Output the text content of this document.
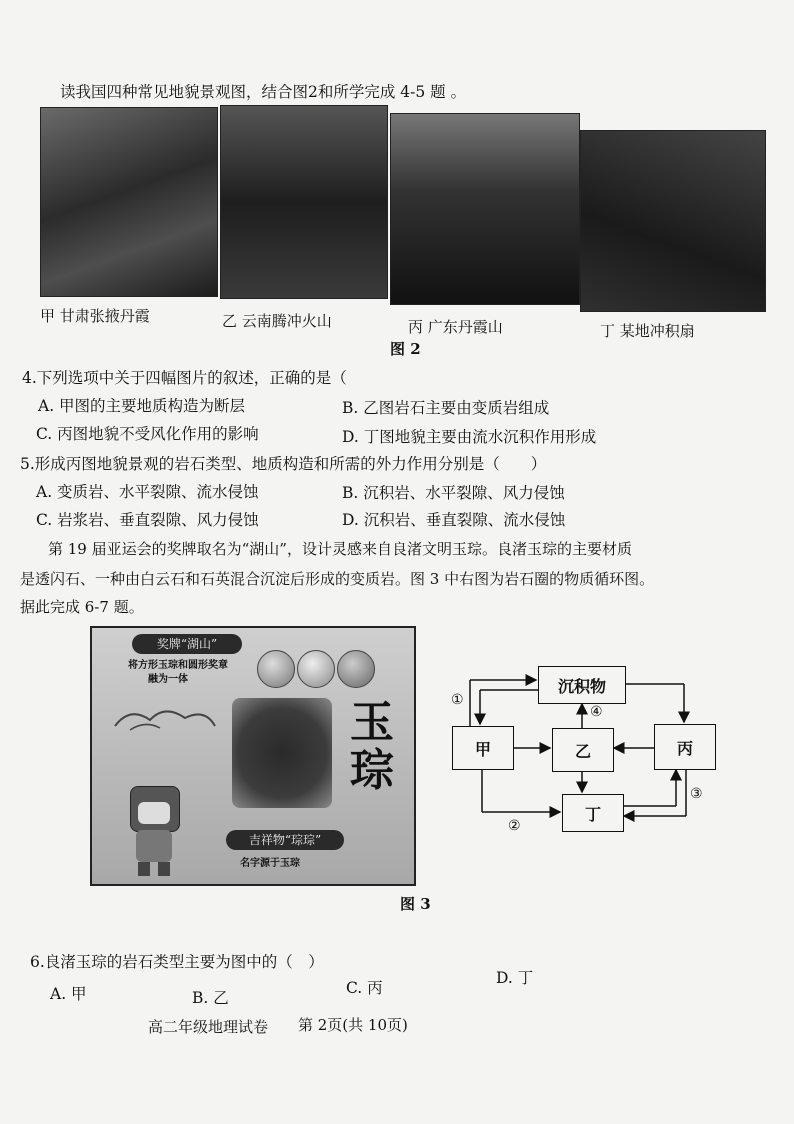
读我国四种常见地貌景观图，结合图2和所学完成 4-5 题 。
甲 甘肃张掖丹霞	乙 云南腾冲火山	丙 广东丹霞山	丁 某地冲积扇
图 2
4.下列选项中关于四幅图片的叙述，正确的是（
A. 甲图的主要地质构造为断层	B. 乙图岩石主要由变质岩组成
C. 丙图地貌不受风化作用的影响	D. 丁图地貌主要由流水沉积作用形成
5.形成丙图地貌景观的岩石类型、地质构造和所需的外力作用分别是（　　）
A. 变质岩、水平裂隙、流水侵蚀	B. 沉积岩、水平裂隙、风力侵蚀
C. 岩浆岩、垂直裂隙、风力侵蚀	D. 沉积岩、垂直裂隙、流水侵蚀
第 19 届亚运会的奖牌取名为“湖山”，设计灵感来自良渚文明玉琮。良渚玉琮的主要材质
是透闪石、一种由白云石和石英混合沉淀后形成的变质岩。图 3 中右图为岩石圈的物质循环图。
据此完成 6-7 题。
奖牌“湖山”
将方形玉琮和圆形奖章
融为一体
玉
琮
吉祥物“琮琮”
名字源于玉琮
沉积物
甲	乙	丙
丁
①
④
②
③
图 3
6.良渚玉琮的岩石类型主要为图中的（　）
A. 甲	B. 乙
C. 丙
D. 丁
高二年级地理试卷 第 2页(共 10页)
